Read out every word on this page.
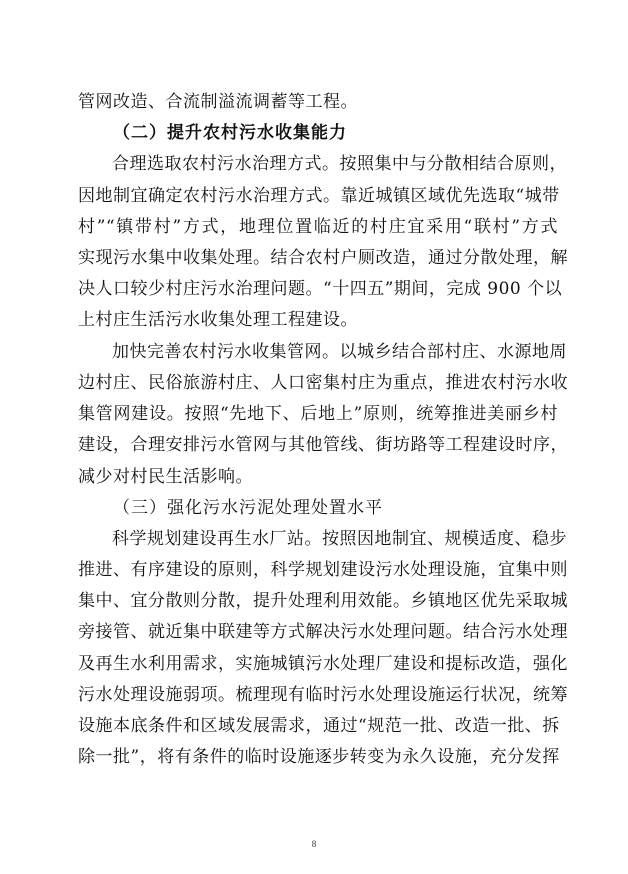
管网改造、合流制溢流调蓄等工程。
（二）提升农村污水收集能力
合理选取农村污水治理方式。按照集中与分散相结合原则，
因地制宜确定农村污水治理方式。靠近城镇区域优先选取“城带
村”“镇带村”方式，地理位置临近的村庄宜采用“联村”方式
实现污水集中收集处理。结合农村户厕改造，通过分散处理，解
决人口较少村庄污水治理问题。“十四五”期间，完成 900 个以
上村庄生活污水收集处理工程建设。
加快完善农村污水收集管网。以城乡结合部村庄、水源地周
边村庄、民俗旅游村庄、人口密集村庄为重点，推进农村污水收
集管网建设。按照“先地下、后地上”原则，统筹推进美丽乡村
建设，合理安排污水管网与其他管线、街坊路等工程建设时序，
减少对村民生活影响。
（三）强化污水污泥处理处置水平
科学规划建设再生水厂站。按照因地制宜、规模适度、稳步
推进、有序建设的原则，科学规划建设污水处理设施，宜集中则
集中、宜分散则分散，提升处理利用效能。乡镇地区优先采取城
旁接管、就近集中联建等方式解决污水处理问题。结合污水处理
及再生水利用需求，实施城镇污水处理厂建设和提标改造，强化
污水处理设施弱项。梳理现有临时污水处理设施运行状况，统筹
设施本底条件和区域发展需求，通过“规范一批、改造一批、拆
除一批”，将有条件的临时设施逐步转变为永久设施，充分发挥
8
